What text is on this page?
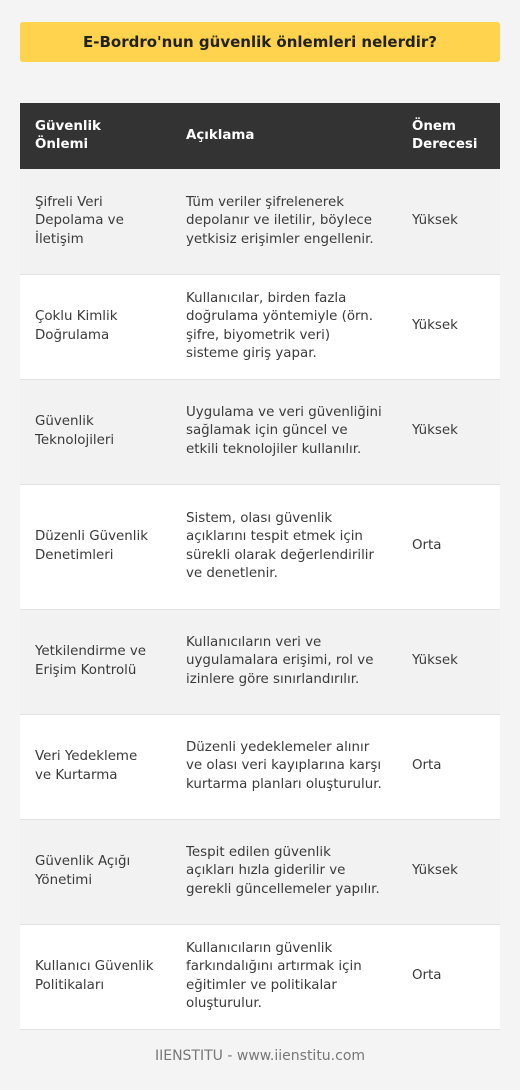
E-Bordro'nun güvenlik önlemleri nelerdir?
Güvenlik Önlemi	Açıklama	Önem Derecesi
Şifreli Veri Depolama ve İletişim	Tüm veriler şifrelenerek depolanır ve iletilir, böylece yetkisiz erişimler engellenir.	Yüksek
Çoklu Kimlik Doğrulama	Kullanıcılar, birden fazla doğrulama yöntemiyle (örn. şifre, biyometrik veri) sisteme giriş yapar.	Yüksek
Güvenlik Teknolojileri	Uygulama ve veri güvenliğini sağlamak için güncel ve etkili teknolojiler kullanılır.	Yüksek
Düzenli Güvenlik Denetimleri	Sistem, olası güvenlik açıklarını tespit etmek için sürekli olarak değerlendirilir ve denetlenir.	Orta
Yetkilendirme ve Erişim Kontrolü	Kullanıcıların veri ve uygulamalara erişimi, rol ve izinlere göre sınırlandırılır.	Yüksek
Veri Yedekleme ve Kurtarma	Düzenli yedeklemeler alınır ve olası veri kayıplarına karşı kurtarma planları oluşturulur.	Orta
Güvenlik Açığı Yönetimi	Tespit edilen güvenlik açıkları hızla giderilir ve gerekli güncellemeler yapılır.	Yüksek
Kullanıcı Güvenlik Politikaları	Kullanıcıların güvenlik farkındalığını artırmak için eğitimler ve politikalar oluşturulur.	Orta
IIENSTITU - www.iienstitu.com
